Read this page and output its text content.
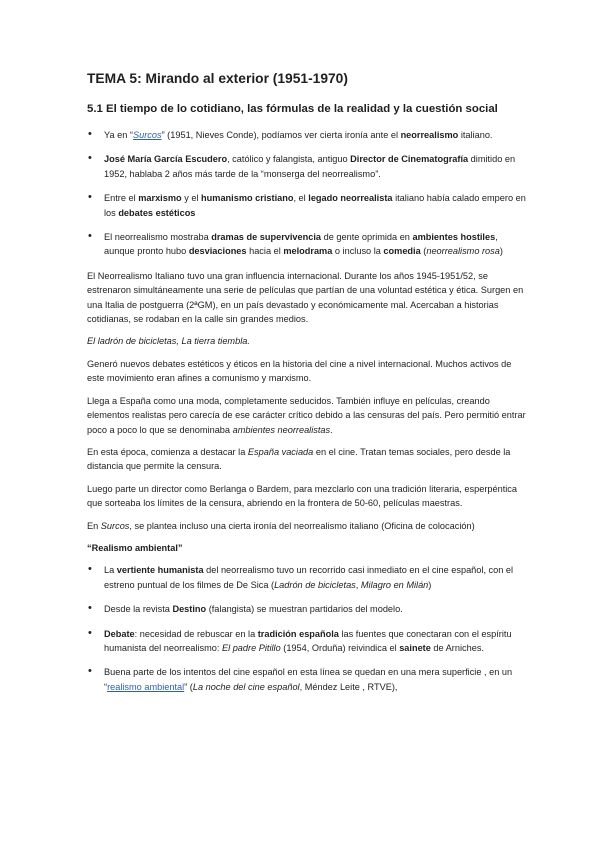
TEMA 5: Mirando al exterior (1951-1970)
5.1 El tiempo de lo cotidiano, las fórmulas de la realidad y la cuestión social
• Ya en “Surcos” (1951, Nieves Conde), podíamos ver cierta ironía ante el neorrealismo italiano.
• José María García Escudero, católico y falangista, antiguo Director de Cinematografía dimitido en 1952, hablaba 2 años más tarde de la “monserga del neorrealismo”.
• Entre el marxismo y el humanismo cristiano, el legado neorrealista italiano había calado empero en los debates estéticos
• El neorrealismo mostraba dramas de supervivencia de gente oprimida en ambientes hostiles, aunque pronto hubo desviaciones hacia el melodrama o incluso la comedia (neorrealismo rosa)

El Neorrealismo Italiano tuvo una gran influencia internacional. Durante los años 1945-1951/52, se estrenaron simultáneamente una serie de películas que partían de una voluntad estética y ética. Surgen en una Italia de postguerra (2ªGM), en un país devastado y económicamente mal. Acercaban a historias cotidianas, se rodaban en la calle sin grandes medios.

El ladrón de bicicletas, La tierra tiembla.

Generó nuevos debates estéticos y éticos en la historia del cine a nivel internacional. Muchos activos de este movimiento eran afines a comunismo y marxismo.

Llega a España como una moda, completamente seducidos. También influye en películas, creando elementos realistas pero carecía de ese carácter crítico debido a las censuras del país. Pero permitió entrar poco a poco lo que se denominaba ambientes neorrealistas.

En esta época, comienza a destacar la España vaciada en el cine. Tratan temas sociales, pero desde la distancia que permite la censura.

Luego parte un director como Berlanga o Bardem, para mezclarlo con una tradición literaria, esperpéntica que sorteaba los límites de la censura, abriendo en la frontera de 50-60, películas maestras.

En Surcos, se plantea incluso una cierta ironía del neorrealismo italiano (Oficina de colocación)

“Realismo ambiental”

• La vertiente humanista del neorrealismo tuvo un recorrido casi inmediato en el cine español, con el estreno puntual de los filmes de De Sica (Ladrón de bicicletas, Milagro en Milán)
• Desde la revista Destino (falangista) se muestran partidarios del modelo.
• Debate: necesidad de rebuscar en la tradición española las fuentes que conectaran con el espíritu humanista del neorrealismo: El padre Pitillo (1954, Orduña) reivindica el sainete de Arniches.
• Buena parte de los intentos del cine español en esta línea se quedan en una mera superficie , en un “realismo ambiental” (La noche del cine español, Méndez Leite , RTVE),
